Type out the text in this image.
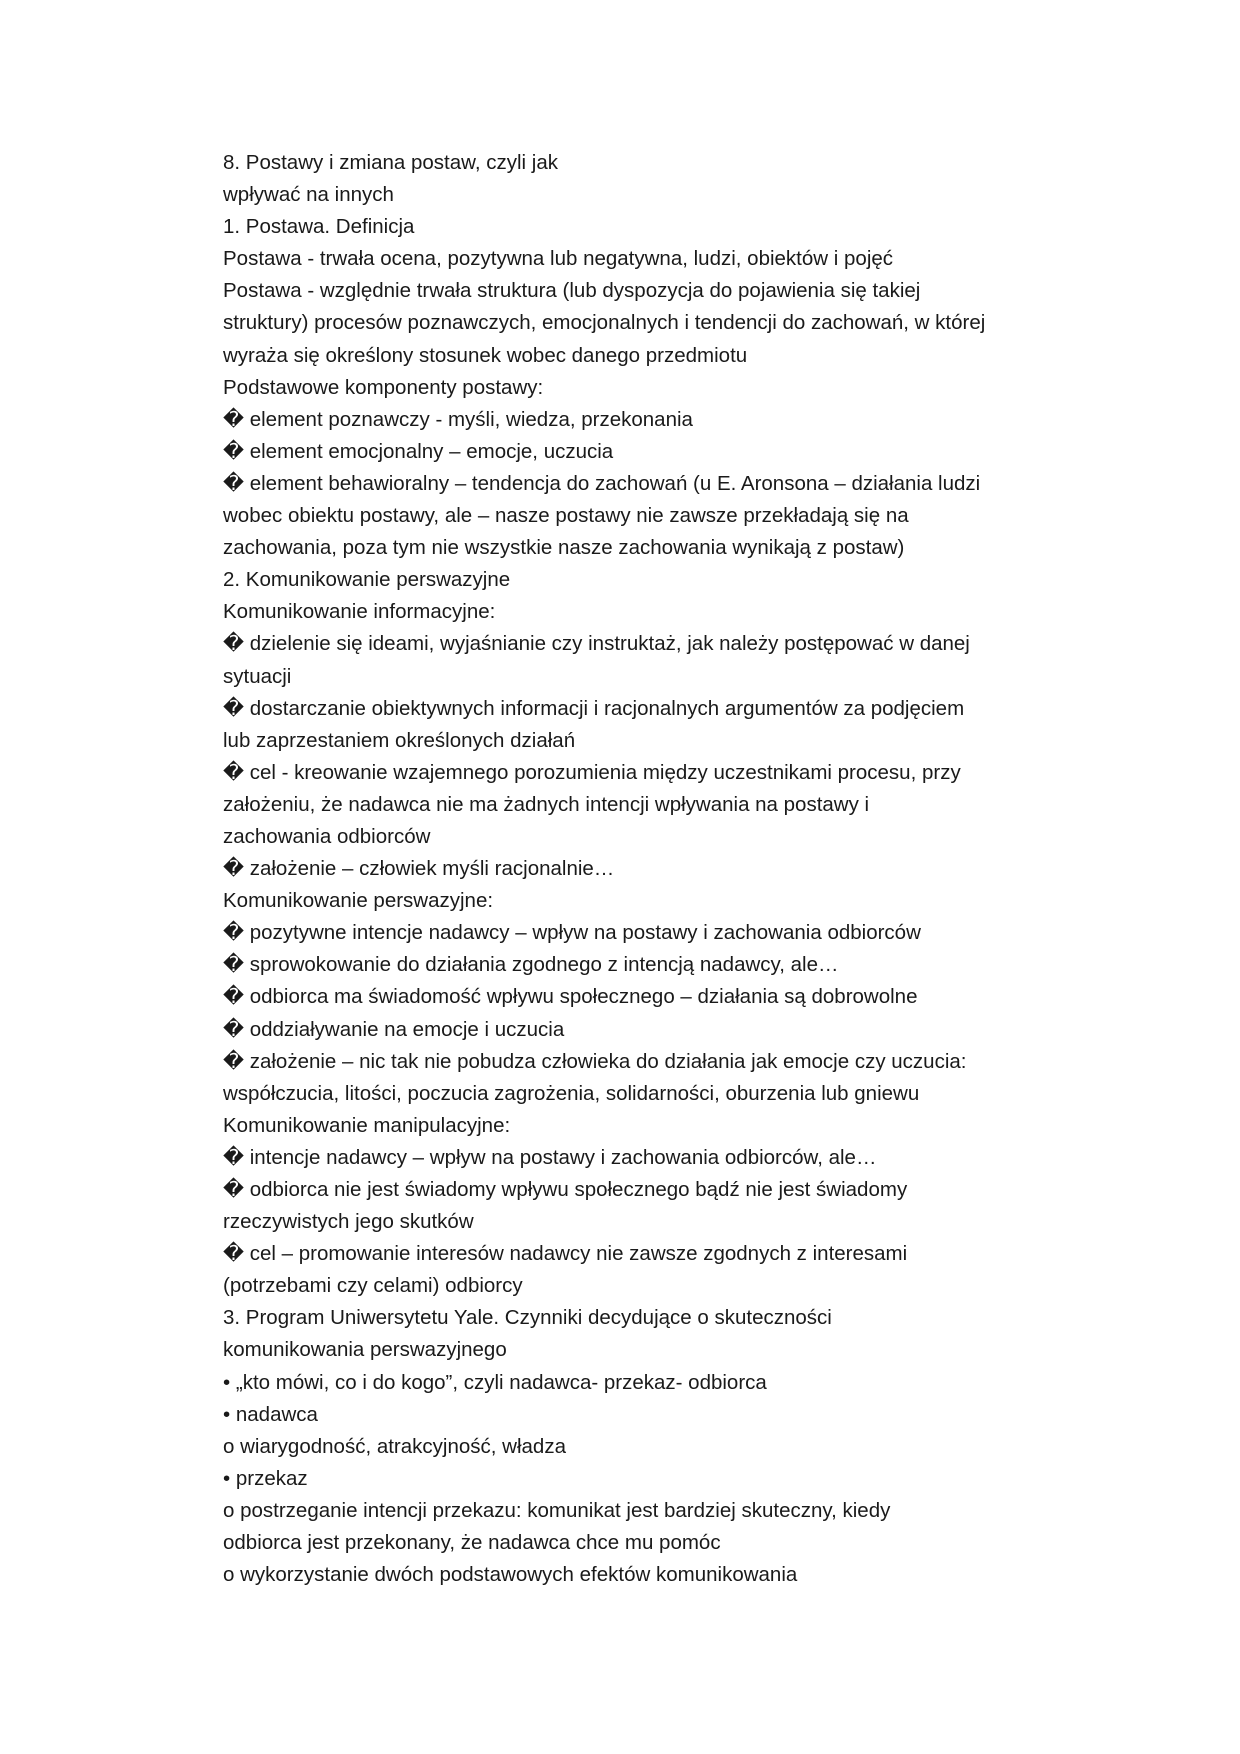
8. Postawy i zmiana postaw, czyli jak
wpływać na innych
1. Postawa. Definicja
Postawa - trwała ocena, pozytywna lub negatywna, ludzi, obiektów i pojęć
Postawa - względnie trwała struktura (lub dyspozycja do pojawienia się takiej
struktury) procesów poznawczych, emocjonalnych i tendencji do zachowań, w której
wyraża się określony stosunek wobec danego przedmiotu
Podstawowe komponenty postawy:
� element poznawczy - myśli, wiedza, przekonania
� element emocjonalny – emocje, uczucia
� element behawioralny – tendencja do zachowań (u E. Aronsona – działania ludzi
wobec obiektu postawy, ale – nasze postawy nie zawsze przekładają się na
zachowania, poza tym nie wszystkie nasze zachowania wynikają z postaw)
2. Komunikowanie perswazyjne
Komunikowanie informacyjne:
� dzielenie się ideami, wyjaśnianie czy instruktaż, jak należy postępować w danej
sytuacji
� dostarczanie obiektywnych informacji i racjonalnych argumentów za podjęciem
lub zaprzestaniem określonych działań
� cel - kreowanie wzajemnego porozumienia między uczestnikami procesu, przy
założeniu, że nadawca nie ma żadnych intencji wpływania na postawy i
zachowania odbiorców
� założenie – człowiek myśli racjonalnie…
Komunikowanie perswazyjne:
� pozytywne intencje nadawcy – wpływ na postawy i zachowania odbiorców
� sprowokowanie do działania zgodnego z intencją nadawcy, ale…
� odbiorca ma świadomość wpływu społecznego – działania są dobrowolne
� oddziaływanie na emocje i uczucia
� założenie – nic tak nie pobudza człowieka do działania jak emocje czy uczucia:
współczucia, litości, poczucia zagrożenia, solidarności, oburzenia lub gniewu
Komunikowanie manipulacyjne:
� intencje nadawcy – wpływ na postawy i zachowania odbiorców, ale…
� odbiorca nie jest świadomy wpływu społecznego bądź nie jest świadomy
rzeczywistych jego skutków
� cel – promowanie interesów nadawcy nie zawsze zgodnych z interesami
(potrzebami czy celami) odbiorcy
3. Program Uniwersytetu Yale. Czynniki decydujące o skuteczności
komunikowania perswazyjnego
• „kto mówi, co i do kogo”, czyli nadawca- przekaz- odbiorca
• nadawca
o wiarygodność, atrakcyjność, władza
• przekaz
o postrzeganie intencji przekazu: komunikat jest bardziej skuteczny, kiedy
odbiorca jest przekonany, że nadawca chce mu pomóc
o wykorzystanie dwóch podstawowych efektów komunikowania
